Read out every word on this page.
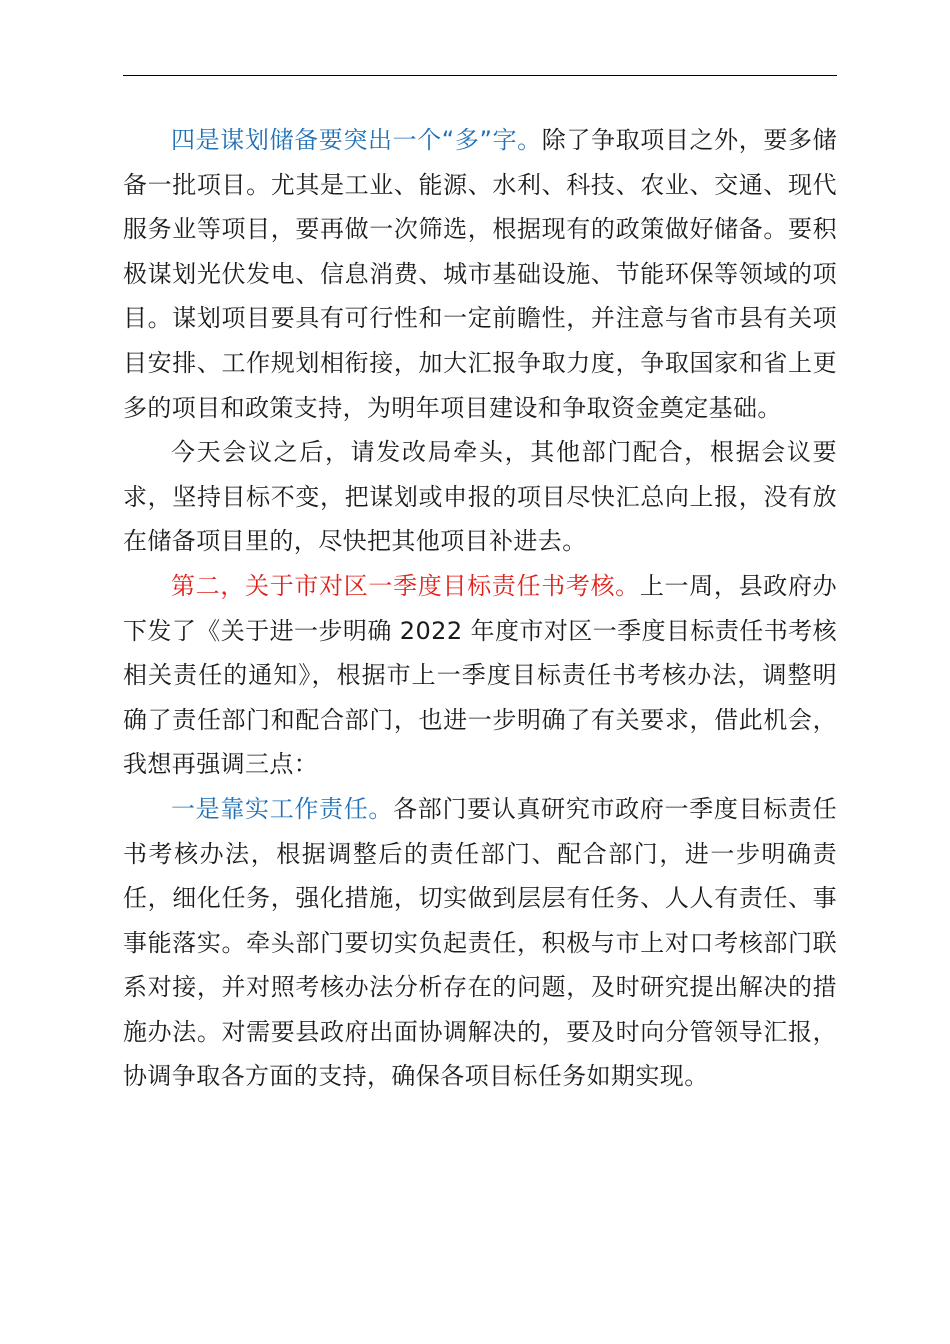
四是谋划储备要突出一个“多”字。除了争取项目之外，要多储备一批项目。尤其是工业、能源、水利、科技、农业、交通、现代服务业等项目，要再做一次筛选，根据现有的政策做好储备。要积极谋划光伏发电、信息消费、城市基础设施、节能环保等领域的项目。谋划项目要具有可行性和一定前瞻性，并注意与省市县有关项目安排、工作规划相衔接，加大汇报争取力度，争取国家和省上更多的项目和政策支持，为明年项目建设和争取资金奠定基础。

今天会议之后，请发改局牵头，其他部门配合，根据会议要求，坚持目标不变，把谋划或申报的项目尽快汇总向上报，没有放在储备项目里的，尽快把其他项目补进去。

第二，关于市对区一季度目标责任书考核。上一周，县政府办下发了《关于进一步明确 2022 年度市对区一季度目标责任书考核相关责任的通知》，根据市上一季度目标责任书考核办法，调整明确了责任部门和配合部门，也进一步明确了有关要求，借此机会，我想再强调三点：

一是靠实工作责任。各部门要认真研究市政府一季度目标责任书考核办法，根据调整后的责任部门、配合部门，进一步明确责任，细化任务，强化措施，切实做到层层有任务、人人有责任、事事能落实。牵头部门要切实负起责任，积极与市上对口考核部门联系对接，并对照考核办法分析存在的问题，及时研究提出解决的措施办法。对需要县政府出面协调解决的，要及时向分管领导汇报，协调争取各方面的支持，确保各项目标任务如期实现。
